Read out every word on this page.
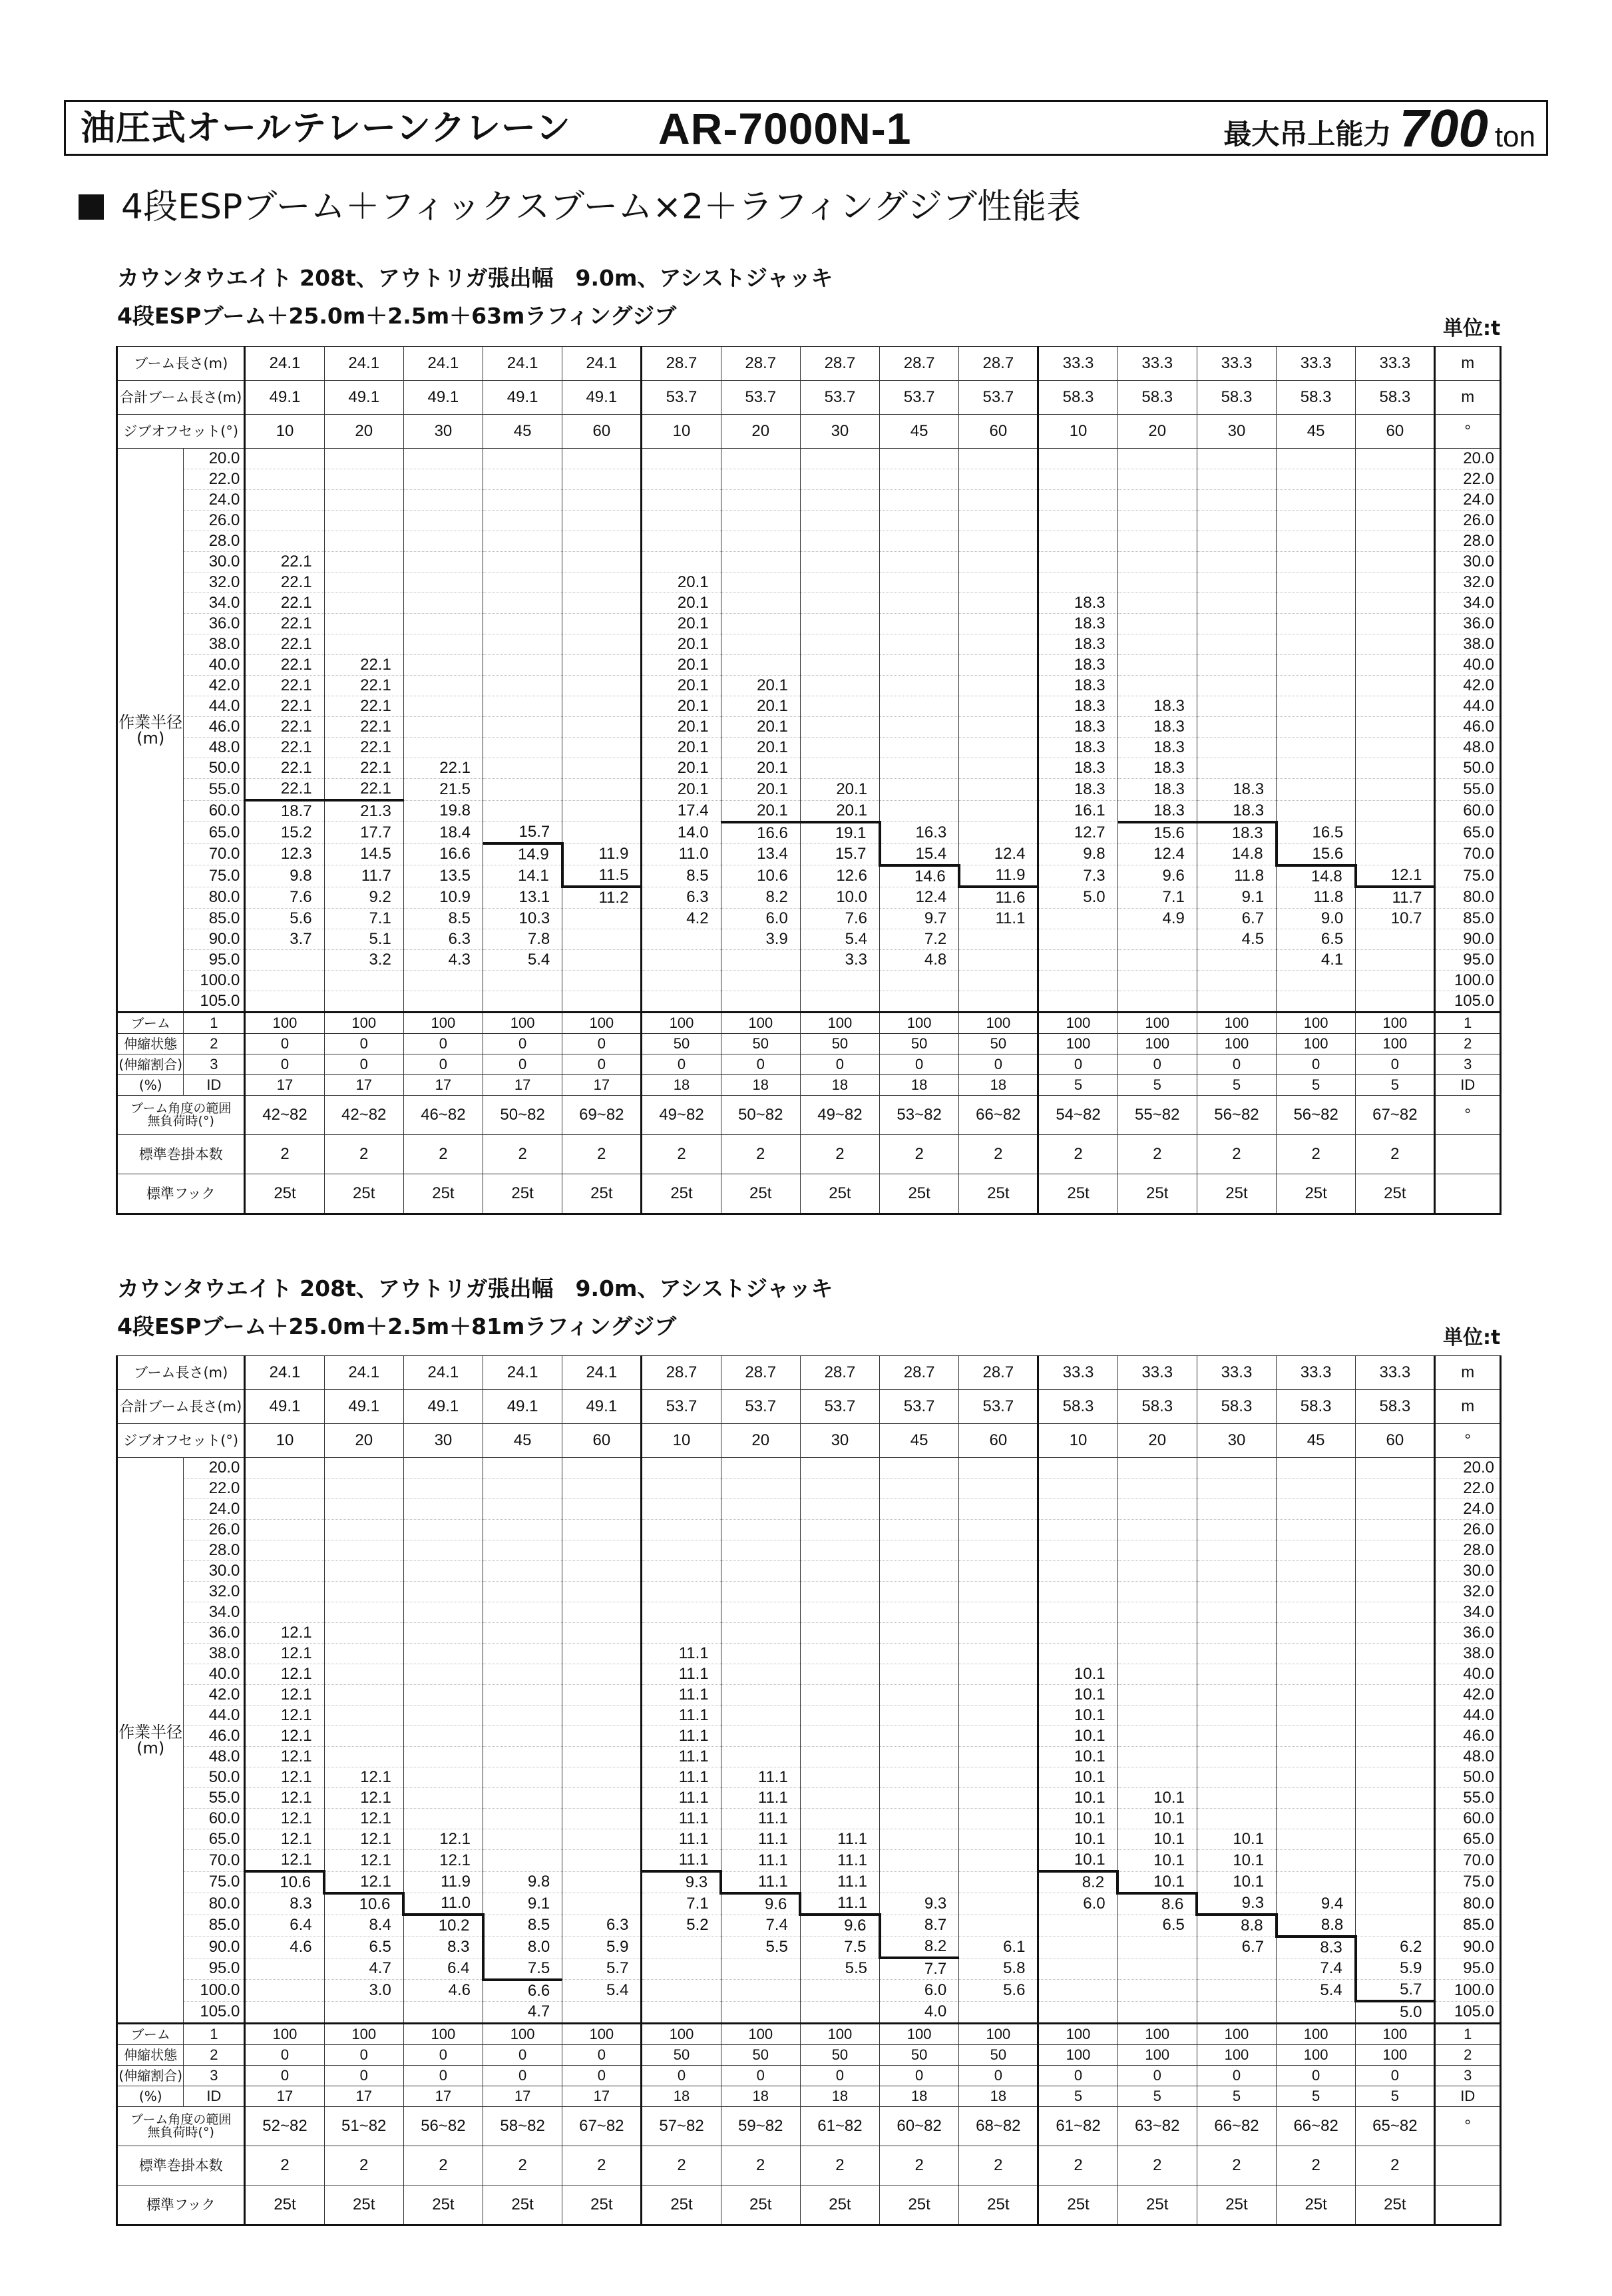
油圧式オールテレーンクレーン AR-7000N-1	最大吊上能力 700 ton
4段ESPブーム＋フィックスブーム×2＋ラフィングジブ性能表
カウンタウエイト 208t、アウトリガ張出幅　9.0m、アシストジャッキ
4段ESPブーム＋25.0m＋2.5m＋63mラフィングジブ	単位:t
ブーム長さ(m)		24.1	24.1	24.1	24.1	24.1	28.7	28.7	28.7	28.7	28.7	33.3	33.3	33.3	33.3	33.3	m
合計ブーム長さ(m)		49.1	49.1	49.1	49.1	49.1	53.7	53.7	53.7	53.7	53.7	58.3	58.3	58.3	58.3	58.3	m
ジブオフセット(°)		10	20	30	45	60	10	20	30	45	60	10	20	30	45	60	°

作業半径
(m)	20.0																20.0
	22.0																22.0
	24.0																24.0
	26.0																26.0
	28.0																28.0
	30.0	22.1															30.0
	32.0	22.1					20.1										32.0
	34.0	22.1					20.1					18.3					34.0
	36.0	22.1					20.1					18.3					36.0
	38.0	22.1					20.1					18.3					38.0
	40.0	22.1	22.1				20.1					18.3					40.0
	42.0	22.1	22.1				20.1	20.1				18.3					42.0
	44.0	22.1	22.1				20.1	20.1				18.3	18.3				44.0
	46.0	22.1	22.1				20.1	20.1				18.3	18.3				46.0
	48.0	22.1	22.1				20.1	20.1				18.3	18.3				48.0
	50.0	22.1	22.1	22.1			20.1	20.1				18.3	18.3				50.0
	55.0	22.1	22.1	21.5			20.1	20.1	20.1			18.3	18.3	18.3			55.0
	60.0	18.7	21.3	19.8			17.4	20.1	20.1			16.1	18.3	18.3			60.0
	65.0	15.2	17.7	18.4	15.7		14.0	16.6	19.1	16.3		12.7	15.6	18.3	16.5		65.0
	70.0	12.3	14.5	16.6	14.9	11.9	11.0	13.4	15.7	15.4	12.4	9.8	12.4	14.8	15.6		70.0
	75.0	9.8	11.7	13.5	14.1	11.5	8.5	10.6	12.6	14.6	11.9	7.3	9.6	11.8	14.8	12.1	75.0
	80.0	7.6	9.2	10.9	13.1	11.2	6.3	8.2	10.0	12.4	11.6	5.0	7.1	9.1	11.8	11.7	80.0
	85.0	5.6	7.1	8.5	10.3		4.2	6.0	7.6	9.7	11.1		4.9	6.7	9.0	10.7	85.0
	90.0	3.7	5.1	6.3	7.8			3.9	5.4	7.2				4.5	6.5		90.0
	95.0		3.2	4.3	5.4				3.3	4.8					4.1		95.0
	100.0																100.0
	105.0																105.0
ブーム	1	100	100	100	100	100	100	100	100	100	100	100	100	100	100	100	1
伸縮状態	2	0	0	0	0	0	50	50	50	50	50	100	100	100	100	100	2
(伸縮割合)	3	0	0	0	0	0	0	0	0	0	0	0	0	0	0	0	3
(%)	ID	17	17	17	17	17	18	18	18	18	18	5	5	5	5	5	ID

ブーム角度の範囲
無負荷時(°)		42~82	42~82	46~82	50~82	69~82	49~82	50~82	49~82	53~82	66~82	54~82	55~82	56~82	56~82	67~82	°
標準巻掛本数		2	2	2	2	2	2	2	2	2	2	2	2	2	2	2	
標準フック		25t	25t	25t	25t	25t	25t	25t	25t	25t	25t	25t	25t	25t	25t	25t	
カウンタウエイト 208t、アウトリガ張出幅　9.0m、アシストジャッキ
4段ESPブーム＋25.0m＋2.5m＋81mラフィングジブ	単位:t
ブーム長さ(m)		24.1	24.1	24.1	24.1	24.1	28.7	28.7	28.7	28.7	28.7	33.3	33.3	33.3	33.3	33.3	m
合計ブーム長さ(m)		49.1	49.1	49.1	49.1	49.1	53.7	53.7	53.7	53.7	53.7	58.3	58.3	58.3	58.3	58.3	m
ジブオフセット(°)		10	20	30	45	60	10	20	30	45	60	10	20	30	45	60	°

作業半径
(m)	20.0																20.0
	22.0																22.0
	24.0																24.0
	26.0																26.0
	28.0																28.0
	30.0																30.0
	32.0																32.0
	34.0																34.0
	36.0	12.1															36.0
	38.0	12.1					11.1										38.0
	40.0	12.1					11.1					10.1					40.0
	42.0	12.1					11.1					10.1					42.0
	44.0	12.1					11.1					10.1					44.0
	46.0	12.1					11.1					10.1					46.0
	48.0	12.1					11.1					10.1					48.0
	50.0	12.1	12.1				11.1	11.1				10.1					50.0
	55.0	12.1	12.1				11.1	11.1				10.1	10.1				55.0
	60.0	12.1	12.1				11.1	11.1				10.1	10.1				60.0
	65.0	12.1	12.1	12.1			11.1	11.1	11.1			10.1	10.1	10.1			65.0
	70.0	12.1	12.1	12.1			11.1	11.1	11.1			10.1	10.1	10.1			70.0
	75.0	10.6	12.1	11.9	9.8		9.3	11.1	11.1			8.2	10.1	10.1			75.0
	80.0	8.3	10.6	11.0	9.1		7.1	9.6	11.1	9.3		6.0	8.6	9.3	9.4		80.0
	85.0	6.4	8.4	10.2	8.5	6.3	5.2	7.4	9.6	8.7			6.5	8.8	8.8		85.0
	90.0	4.6	6.5	8.3	8.0	5.9		5.5	7.5	8.2	6.1			6.7	8.3	6.2	90.0
	95.0		4.7	6.4	7.5	5.7			5.5	7.7	5.8				7.4	5.9	95.0
	100.0		3.0	4.6	6.6	5.4				6.0	5.6				5.4	5.7	100.0
	105.0				4.7					4.0						5.0	105.0
ブーム	1	100	100	100	100	100	100	100	100	100	100	100	100	100	100	100	1
伸縮状態	2	0	0	0	0	0	50	50	50	50	50	100	100	100	100	100	2
(伸縮割合)	3	0	0	0	0	0	0	0	0	0	0	0	0	0	0	0	3
(%)	ID	17	17	17	17	17	18	18	18	18	18	5	5	5	5	5	ID

ブーム角度の範囲
無負荷時(°)		52~82	51~82	56~82	58~82	67~82	57~82	59~82	61~82	60~82	68~82	61~82	63~82	66~82	66~82	65~82	°
標準巻掛本数		2	2	2	2	2	2	2	2	2	2	2	2	2	2	2	
標準フック		25t	25t	25t	25t	25t	25t	25t	25t	25t	25t	25t	25t	25t	25t	25t	
